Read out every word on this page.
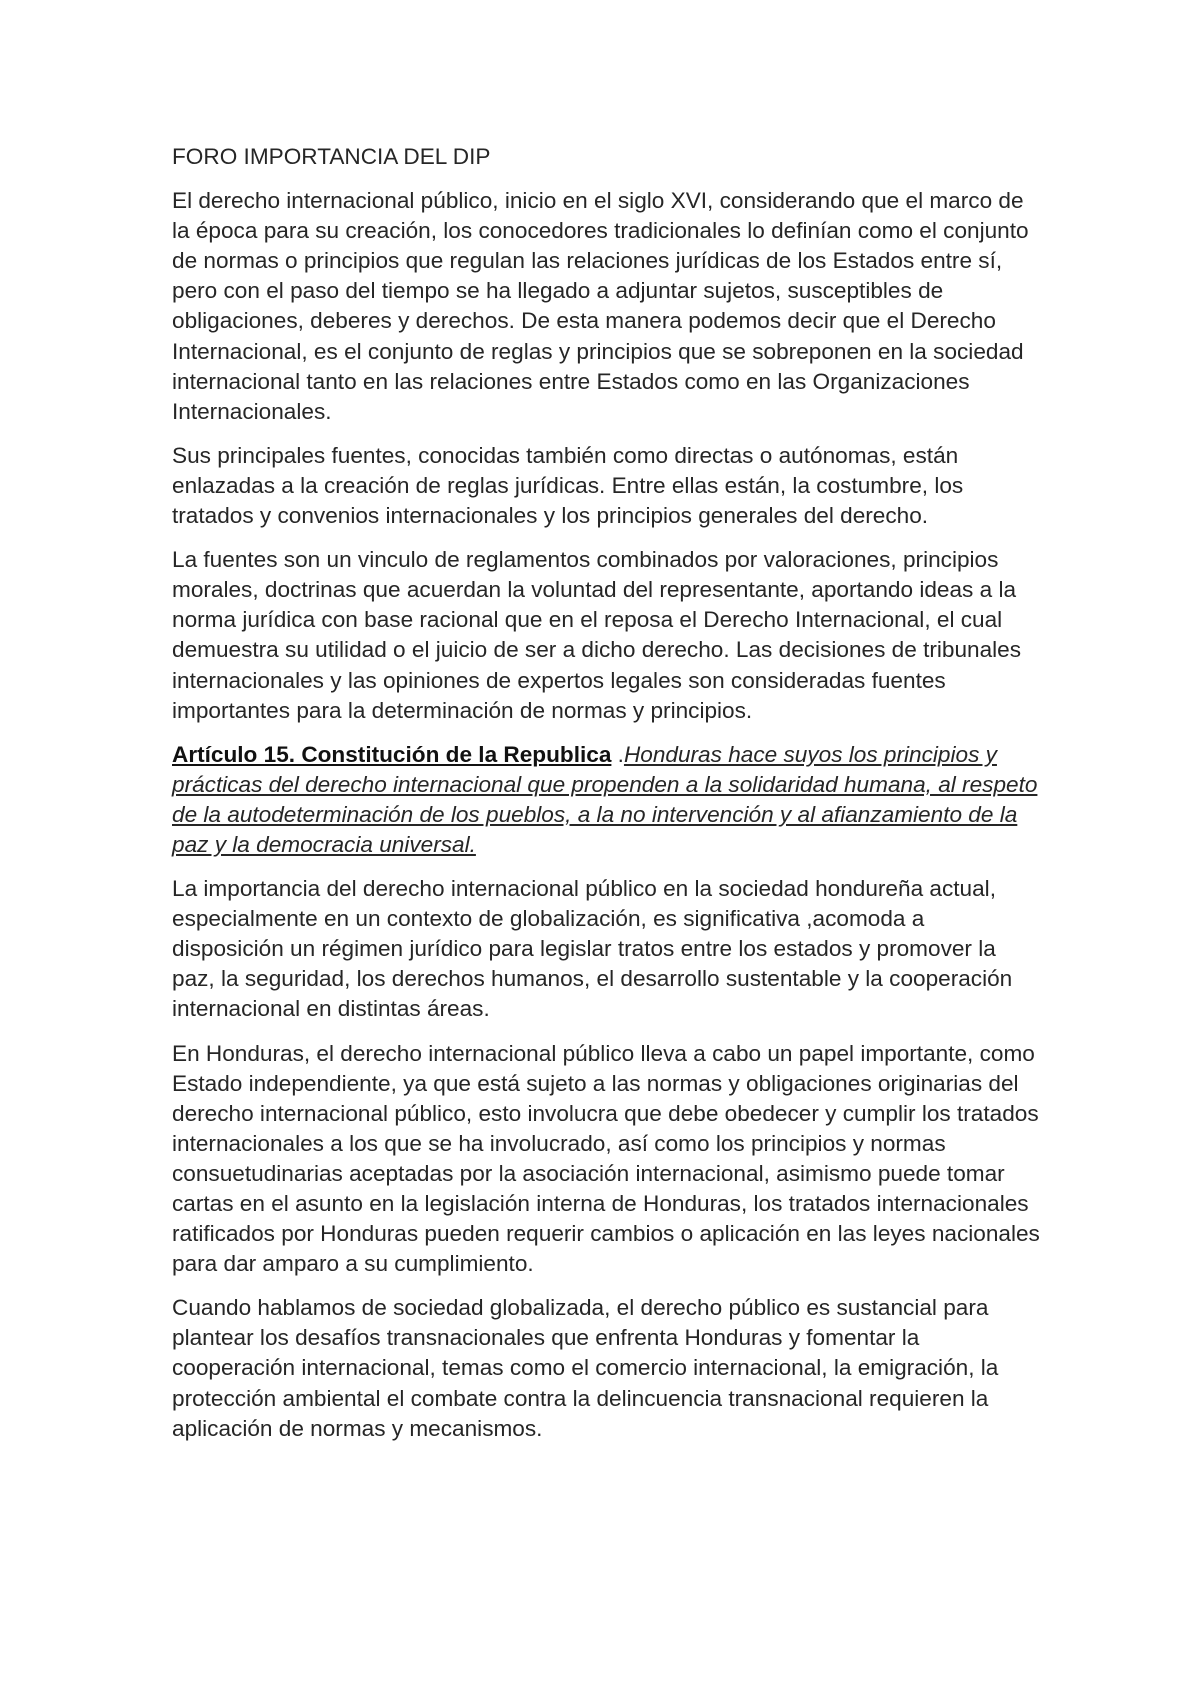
FORO IMPORTANCIA DEL DIP

El derecho internacional público, inicio en el siglo XVI, considerando que el marco de la época para su creación, los conocedores tradicionales lo definían como el conjunto de normas o principios que regulan las relaciones jurídicas de los Estados entre sí, pero con el paso del tiempo se ha llegado a adjuntar sujetos, susceptibles de obligaciones, deberes y derechos. De esta manera podemos decir que el Derecho Internacional, es el conjunto de reglas y principios que se sobreponen en la sociedad internacional tanto en las relaciones entre Estados como en las Organizaciones Internacionales.

Sus principales fuentes, conocidas también como directas o autónomas, están enlazadas a la creación de reglas jurídicas. Entre ellas están, la costumbre, los tratados y convenios internacionales y los principios generales del derecho.

La fuentes son un vinculo de reglamentos combinados por valoraciones, principios morales, doctrinas que acuerdan la voluntad del representante, aportando ideas a la norma jurídica con base racional que en el reposa el Derecho Internacional, el cual demuestra su utilidad o el juicio de ser a dicho derecho. Las decisiones de tribunales internacionales y las opiniones de expertos legales son consideradas fuentes importantes para la determinación de normas y principios.

Artículo 15. Constitución de la Republica .Honduras hace suyos los principios y prácticas del derecho internacional que propenden a la solidaridad humana, al respeto de la autodeterminación de los pueblos, a la no intervención y al afianzamiento de la paz y la democracia universal.

La importancia del derecho internacional público en la sociedad hondureña actual, especialmente en un contexto de globalización, es significativa ,acomoda a disposición un régimen jurídico para legislar tratos entre los estados y promover la paz, la seguridad, los derechos humanos, el desarrollo sustentable y la cooperación internacional en distintas áreas.

En Honduras, el derecho internacional público lleva a cabo un papel importante, como Estado independiente, ya que está sujeto a las normas y obligaciones originarias del derecho internacional público, esto involucra que debe obedecer y cumplir los tratados internacionales a los que se ha involucrado, así como los principios y normas consuetudinarias aceptadas por la asociación internacional, asimismo puede tomar cartas en el asunto en la legislación interna de Honduras, los tratados internacionales ratificados por Honduras pueden requerir cambios o aplicación en las leyes nacionales para dar amparo a su cumplimiento.

Cuando hablamos de sociedad globalizada, el derecho público es sustancial para plantear los desafíos transnacionales que enfrenta Honduras y fomentar la cooperación internacional, temas como el comercio internacional, la emigración, la protección ambiental el combate contra la delincuencia transnacional requieren la aplicación de normas y mecanismos.
